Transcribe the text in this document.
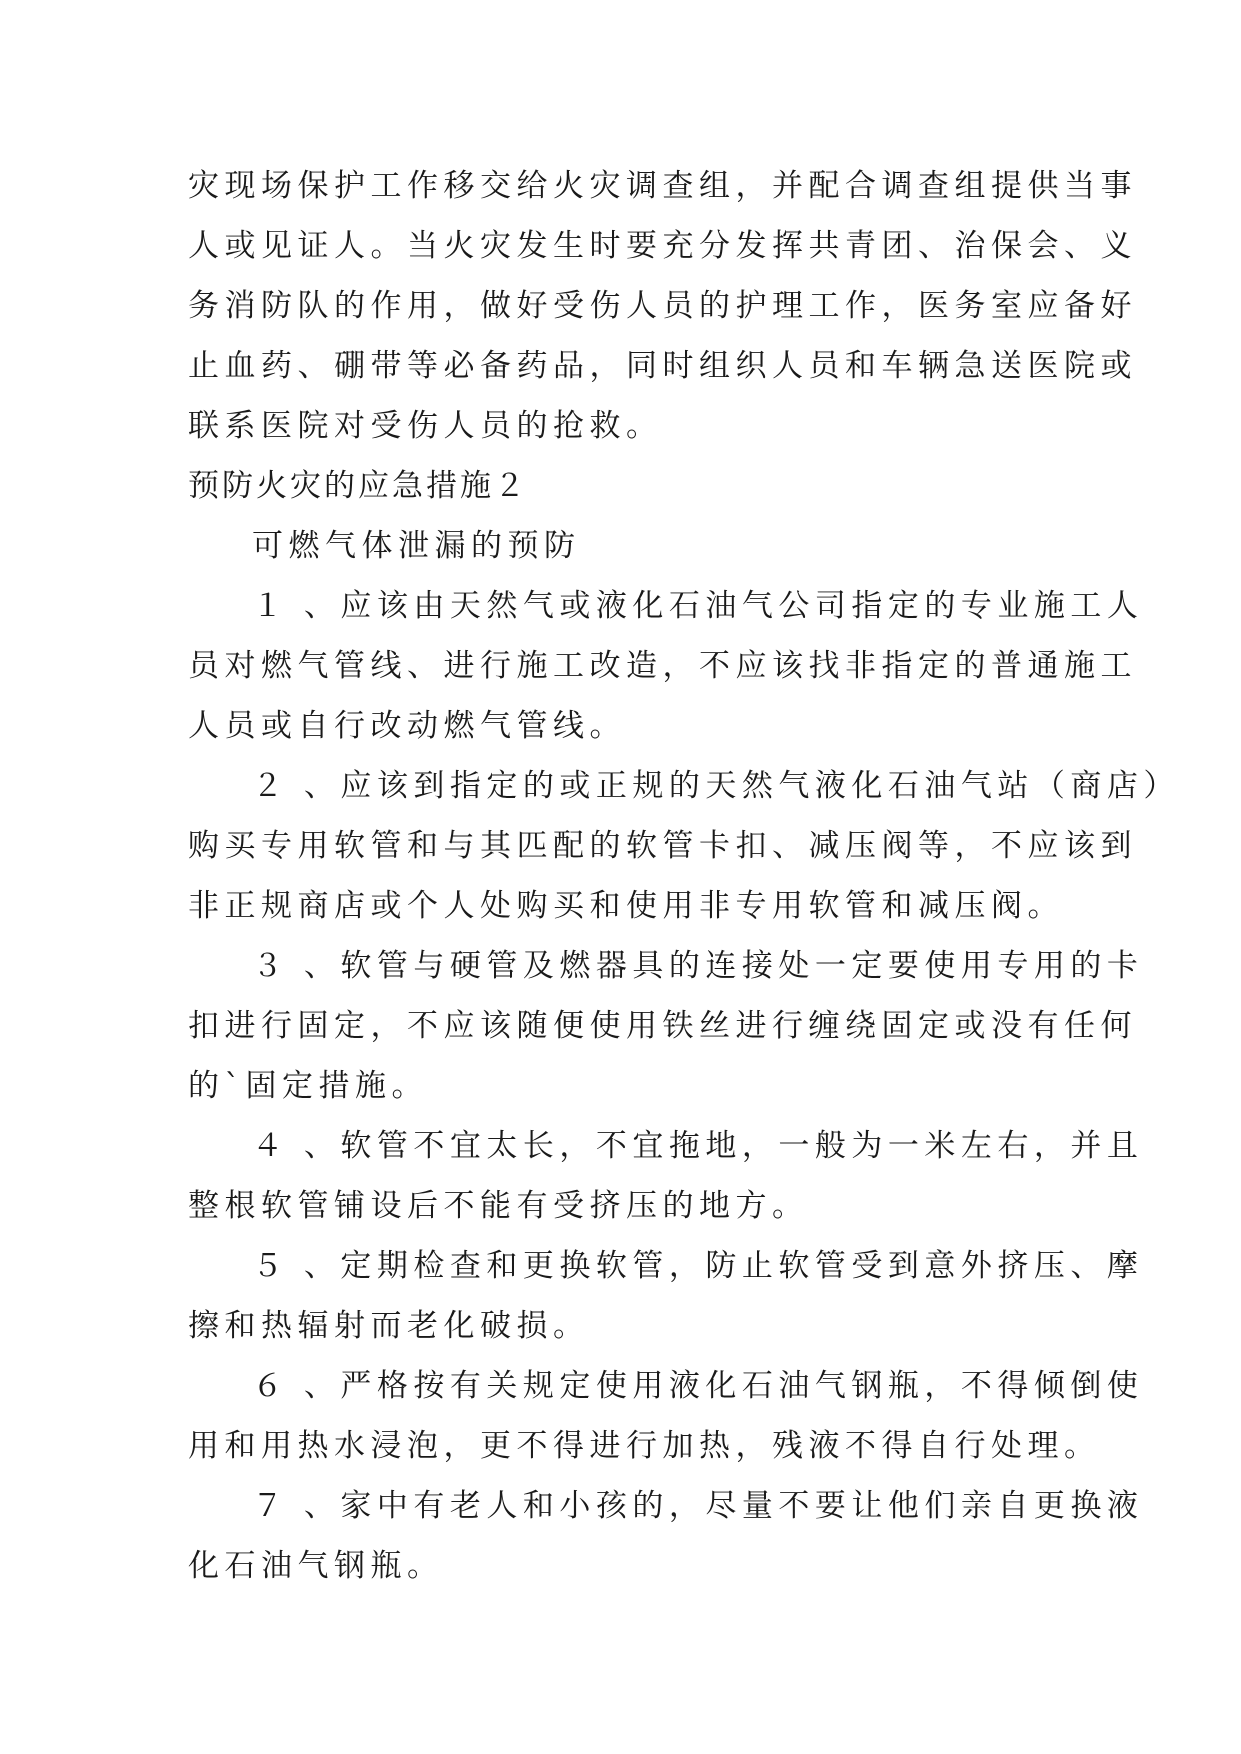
灾现场保护工作移交给火灾调查组，并配合调查组提供当事
人或见证人。当火灾发生时要充分发挥共青团、治保会、义
务消防队的作用，做好受伤人员的护理工作，医务室应备好
止血药、硼带等必备药品，同时组织人员和车辆急送医院或
联系医院对受伤人员的抢救。
预防火灾的应急措施２
可燃气体泄漏的预防
１ 、应该由天然气或液化石油气公司指定的专业施工人
员对燃气管线、进行施工改造，不应该找非指定的普通施工
人员或自行改动燃气管线。
２ 、应该到指定的或正规的天然气液化石油气站（商店）
购买专用软管和与其匹配的软管卡扣、减压阀等，不应该到
非正规商店或个人处购买和使用非专用软管和减压阀。
３ 、软管与硬管及燃器具的连接处一定要使用专用的卡
扣进行固定，不应该随便使用铁丝进行缠绕固定或没有任何
的`固定措施。
４ 、软管不宜太长，不宜拖地，一般为一米左右，并且
整根软管铺设后不能有受挤压的地方。
５ 、定期检查和更换软管，防止软管受到意外挤压、摩
擦和热辐射而老化破损。
６ 、严格按有关规定使用液化石油气钢瓶，不得倾倒使
用和用热水浸泡，更不得进行加热，残液不得自行处理。
７ 、家中有老人和小孩的，尽量不要让他们亲自更换液
化石油气钢瓶。
